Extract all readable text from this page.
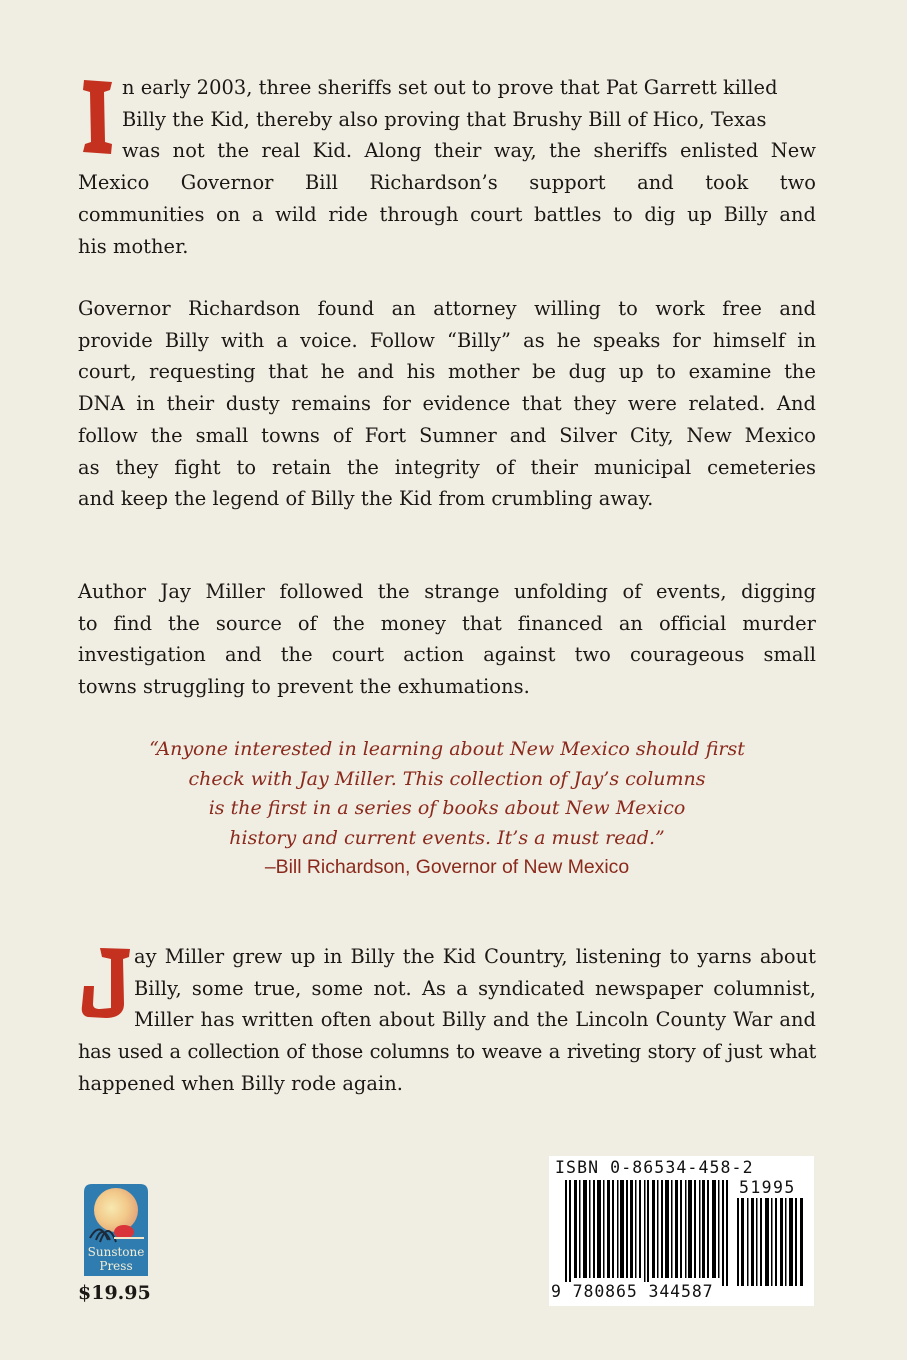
n early 2003, three sheriffs set out to prove that Pat Garrett killed
Billy the Kid, thereby also proving that Brushy Bill of Hico, Texas
was not the real Kid. Along their way, the sheriffs enlisted New
Mexico Governor Bill Richardson’s support and took two
communities on a wild ride through court battles to dig up Billy and
his mother.
Governor Richardson found an attorney willing to work free and
provide Billy with a voice. Follow “Billy” as he speaks for himself in
court, requesting that he and his mother be dug up to examine the
DNA in their dusty remains for evidence that they were related. And
follow the small towns of Fort Sumner and Silver City, New Mexico
as they fight to retain the integrity of their municipal cemeteries
and keep the legend of Billy the Kid from crumbling away.
Author Jay Miller followed the strange unfolding of events, digging
to find the source of the money that financed an official murder
investigation and the court action against two courageous small
towns struggling to prevent the exhumations.
“Anyone interested in learning about New Mexico should first
check with Jay Miller. This collection of Jay’s columns
is the first in a series of books about New Mexico
history and current events. It’s a must read.”
–Bill Richardson, Governor of New Mexico
ay Miller grew up in Billy the Kid Country, listening to yarns about
Billy, some true, some not. As a syndicated newspaper columnist,
Miller has written often about Billy and the Lincoln County War and
has used a collection of those columns to weave a riveting story of just what
happened when Billy rode again.
Sunstone
Press
$19.95
ISBN 0-86534-458-2
51995
9 780865 344587
